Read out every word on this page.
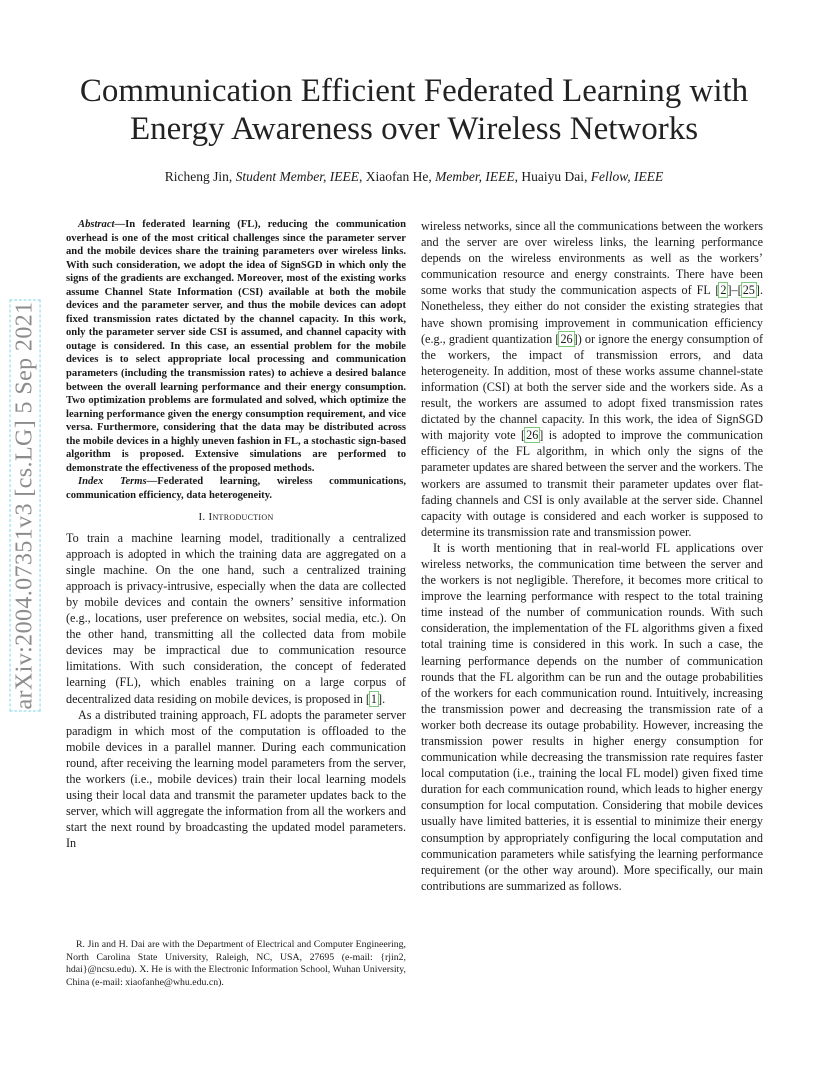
arXiv:2004.07351v3 [cs.LG] 5 Sep 2021
Communication Efficient Federated Learning with
Energy Awareness over Wireless Networks
Richeng Jin, Student Member, IEEE, Xiaofan He, Member, IEEE, Huaiyu Dai, Fellow, IEEE

Abstract—In federated learning (FL), reducing the communication overhead is one of the most critical challenges since the parameter server and the mobile devices share the training parameters over wireless links. With such consideration, we adopt the idea of SignSGD in which only the signs of the gradients are exchanged. Moreover, most of the existing works assume Channel State Information (CSI) available at both the mobile devices and the parameter server, and thus the mobile devices can adopt fixed transmission rates dictated by the channel capacity. In this work, only the parameter server side CSI is assumed, and channel capacity with outage is considered. In this case, an essential problem for the mobile devices is to select appropriate local processing and communication parameters (including the transmission rates) to achieve a desired balance between the overall learning performance and their energy consumption. Two optimization problems are formulated and solved, which optimize the learning performance given the energy consumption requirement, and vice versa. Furthermore, considering that the data may be distributed across the mobile devices in a highly uneven fashion in FL, a stochastic sign-based algorithm is proposed. Extensive simulations are performed to demonstrate the effectiveness of the proposed methods.

Index Terms—Federated learning, wireless communications, communication efficiency, data heterogeneity.

I. Introduction

To train a machine learning model, traditionally a centralized approach is adopted in which the training data are aggregated on a single machine. On the one hand, such a centralized training approach is privacy-intrusive, especially when the data are collected by mobile devices and contain the owners’ sensitive information (e.g., locations, user preference on websites, social media, etc.). On the other hand, transmitting all the collected data from mobile devices may be impractical due to communication resource limitations. With such consideration, the concept of federated learning (FL), which enables training on a large corpus of decentralized data residing on mobile devices, is proposed in [1].

As a distributed training approach, FL adopts the parameter server paradigm in which most of the computation is offloaded to the mobile devices in a parallel manner. During each communication round, after receiving the learning model parameters from the server, the workers (i.e., mobile devices) train their local learning models using their local data and transmit the parameter updates back to the server, which will aggregate the information from all the workers and start the next round by broadcasting the updated model parameters. In

R. Jin and H. Dai are with the Department of Electrical and Computer Engineering, North Carolina State University, Raleigh, NC, USA, 27695 (e-mail: {rjin2, hdai}@ncsu.edu). X. He is with the Electronic Information School, Wuhan University, China (e-mail: xiaofanhe@whu.edu.cn).

wireless networks, since all the communications between the workers and the server are over wireless links, the learning performance depends on the wireless environments as well as the workers’ communication resource and energy constraints. There have been some works that study the communication aspects of FL [2]–[25]. Nonetheless, they either do not consider the existing strategies that have shown promising improvement in communication efficiency (e.g., gradient quantization [26]) or ignore the energy consumption of the workers, the impact of transmission errors, and data heterogeneity. In addition, most of these works assume channel-state information (CSI) at both the server side and the workers side. As a result, the workers are assumed to adopt fixed transmission rates dictated by the channel capacity. In this work, the idea of SignSGD with majority vote [26] is adopted to improve the communication efficiency of the FL algorithm, in which only the signs of the parameter updates are shared between the server and the workers. The workers are assumed to transmit their parameter updates over flat-fading channels and CSI is only available at the server side. Channel capacity with outage is considered and each worker is supposed to determine its transmission rate and transmission power.

It is worth mentioning that in real-world FL applications over wireless networks, the communication time between the server and the workers is not negligible. Therefore, it becomes more critical to improve the learning performance with respect to the total training time instead of the number of communication rounds. With such consideration, the implementation of the FL algorithms given a fixed total training time is considered in this work. In such a case, the learning performance depends on the number of communication rounds that the FL algorithm can be run and the outage probabilities of the workers for each communication round. Intuitively, increasing the transmission power and decreasing the transmission rate of a worker both decrease its outage probability. However, increasing the transmission power results in higher energy consumption for communication while decreasing the transmission rate requires faster local computation (i.e., training the local FL model) given fixed time duration for each communication round, which leads to higher energy consumption for local computation. Considering that mobile devices usually have limited batteries, it is essential to minimize their energy consumption by appropriately configuring the local computation and communication parameters while satisfying the learning performance requirement (or the other way around). More specifically, our main contributions are summarized as follows.
